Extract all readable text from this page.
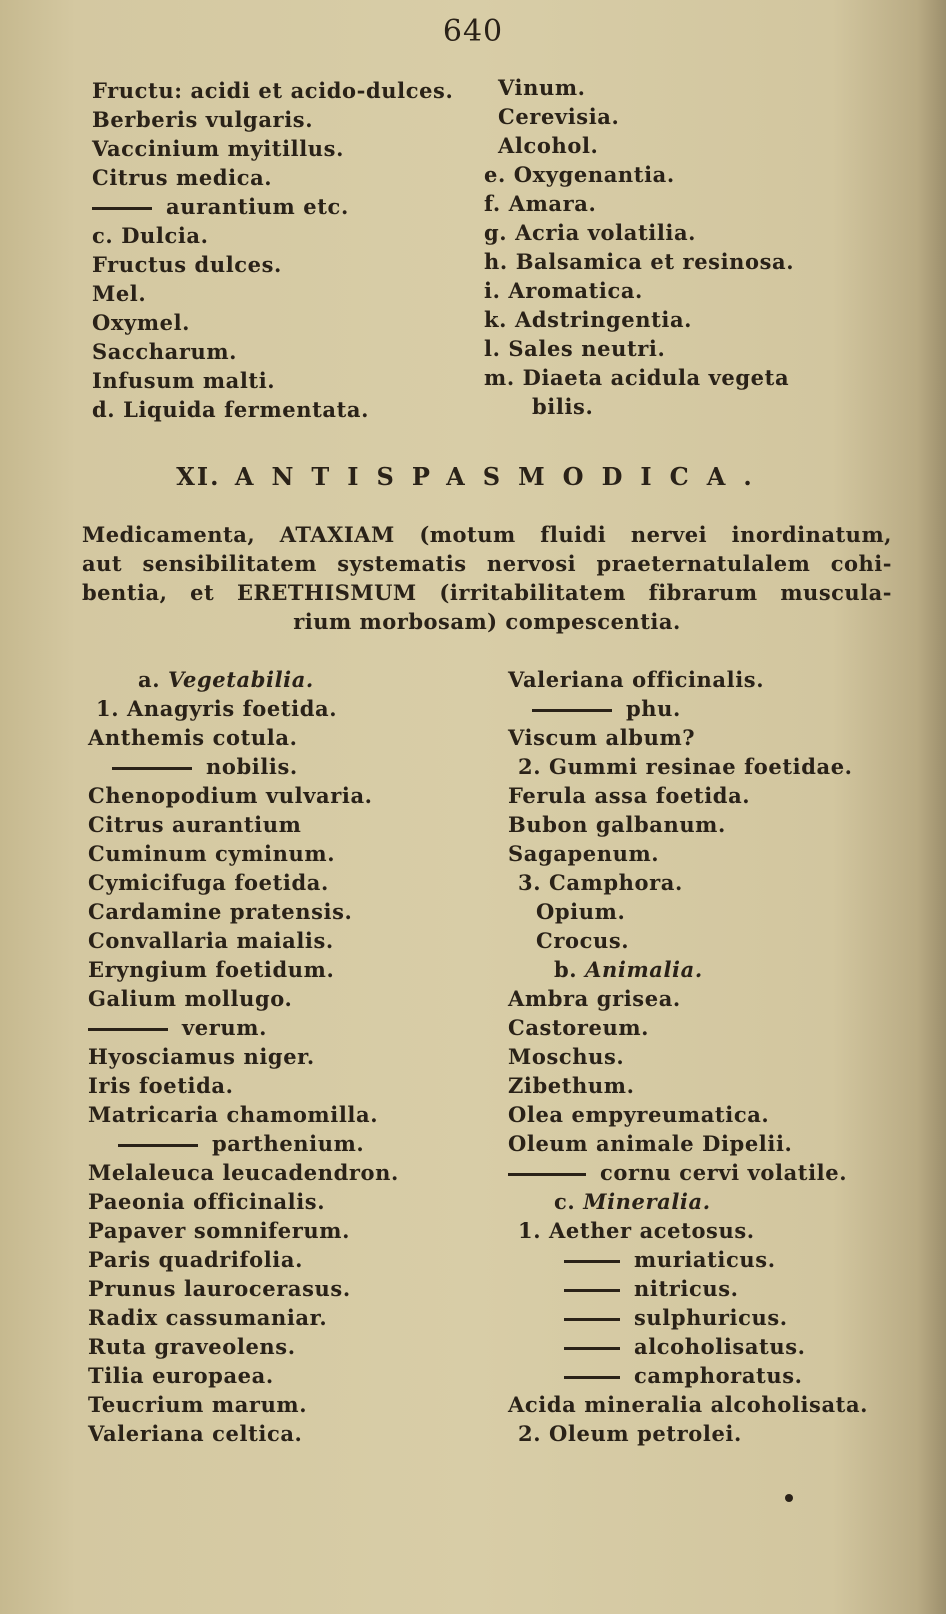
640
Fructu: acidi et acido-dulces.
Berberis vulgaris.
Vaccinium myitillus.
Citrus medica.
aurantium etc.
c. Dulcia.
Fructus dulces.
Mel.
Oxymel.
Saccharum.
Infusum malti.
d. Liquida fermentata.
Vinum.
Cerevisia.
Alcohol.
e. Oxygenantia.
f. Amara.
g. Acria volatilia.
h. Balsamica et resinosa.
i. Aromatica.
k. Adstringentia.
l. Sales neutri.
m. Diaeta acidula vegeta
bilis.
XI. ANTISPASMODICA.
Medicamenta, ATAXIAM (motum fluidi nervei inordinatum,
aut sensibilitatem systematis nervosi praeternatulalem cohi-
bentia, et ERETHISMUM (irritabilitatem fibrarum muscula-
rium morbosam) compescentia.
a. Vegetabilia.
1. Anagyris foetida.
Anthemis cotula.
nobilis.
Chenopodium vulvaria.
Citrus aurantium
Cuminum cyminum.
Cymicifuga foetida.
Cardamine pratensis.
Convallaria maialis.
Eryngium foetidum.
Galium mollugo.
verum.
Hyosciamus niger.
Iris foetida.
Matricaria chamomilla.
parthenium.
Melaleuca leucadendron.
Paeonia officinalis.
Papaver somniferum.
Paris quadrifolia.
Prunus laurocerasus.
Radix cassumaniar.
Ruta graveolens.
Tilia europaea.
Teucrium marum.
Valeriana celtica.
Valeriana officinalis.
phu.
Viscum album?
2. Gummi resinae foetidae.
Ferula assa foetida.
Bubon galbanum.
Sagapenum.
3. Camphora.
Opium.
Crocus.
b. Animalia.
Ambra grisea.
Castoreum.
Moschus.
Zibethum.
Olea empyreumatica.
Oleum animale Dipelii.
cornu cervi volatile.
c. Mineralia.
1. Aether acetosus.
muriaticus.
nitricus.
sulphuricus.
alcoholisatus.
camphoratus.
Acida mineralia alcoholisata.
2. Oleum petrolei.
